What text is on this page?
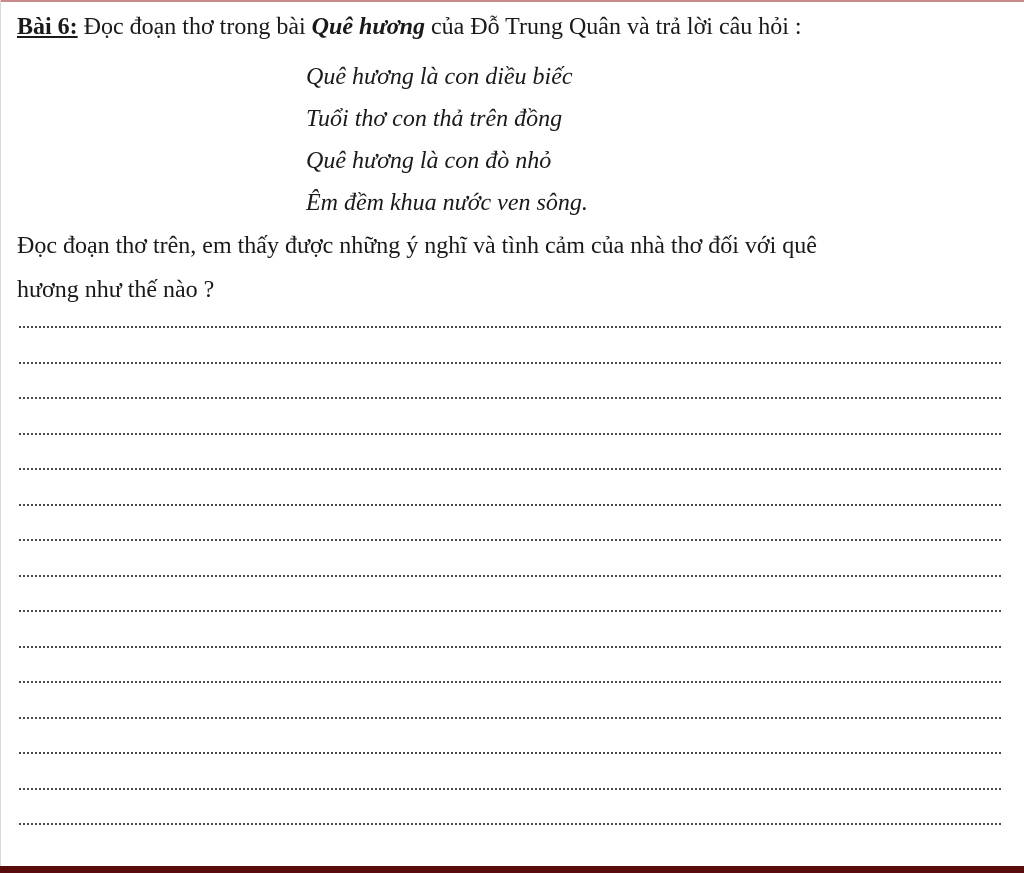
Bài 6: Đọc đoạn thơ trong bài Quê hương của Đỗ Trung Quân và trả lời câu hỏi :
Quê hương là con diều biếc
Tuổi thơ con thả trên đồng
Quê hương là con đò nhỏ
Êm đềm khua nước ven sông.
Đọc đoạn thơ trên, em thấy được những ý nghĩ và tình cảm của nhà thơ đối với quê
hương như thế nào ?
